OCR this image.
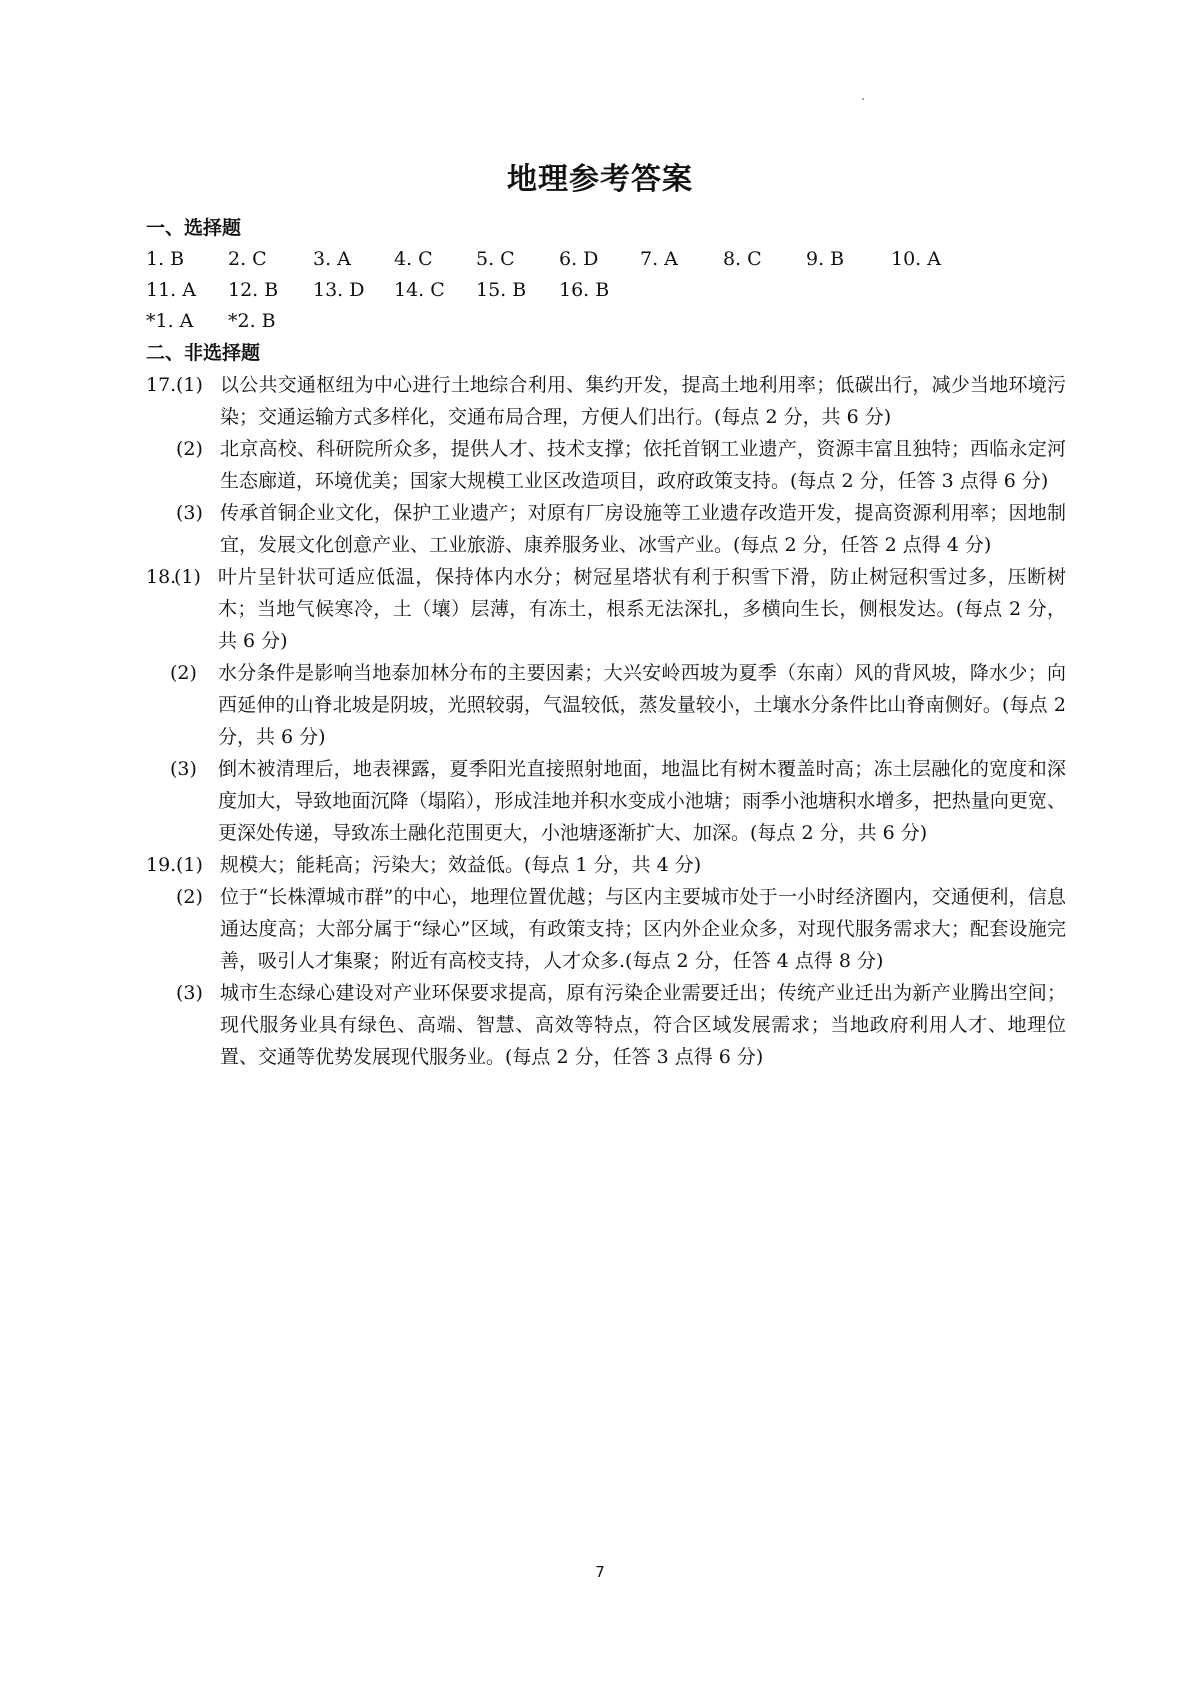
地理参考答案
一、选择题
1. B 2. C 3. A 4. C 5. C 6. D 7. A 8. C 9. B 10. A
11. A 12. B 13. D 14. C 15. B 16. B
*1. A *2. B
二、非选择题
17. (1) 以公共交通枢纽为中心进行土地综合利用、集约开发，提高土地利用率；低碳出行，减少当地环境污染；交通运输方式多样化，交通布局合理，方便人们出行。(每点 2 分，共 6 分)
(2) 北京高校、科研院所众多，提供人才、技术支撑；依托首钢工业遗产，资源丰富且独特；西临永定河生态廊道，环境优美；国家大规模工业区改造项目，政府政策支持。(每点 2 分，任答 3 点得 6 分)
(3) 传承首铜企业文化，保护工业遗产；对原有厂房设施等工业遗存改造开发，提高资源利用率；因地制宜，发展文化创意产业、工业旅游、康养服务业、冰雪产业。(每点 2 分，任答 2 点得 4 分)
18.
(1) 叶片呈针状可适应低温，保持体内水分；树冠星塔状有利于积雪下滑，防止树冠积雪过多，压断树木；当地气候寒冷，土（壤）层薄，有冻土，根系无法深扎，多横向生长，侧根发达。(每点 2 分，共 6 分)
(2) 水分条件是影响当地泰加林分布的主要因素；大兴安岭西坡为夏季（东南）风的背风坡，降水少；向西延伸的山脊北坡是阴坡，光照较弱，气温较低，蒸发量较小，土壤水分条件比山脊南侧好。(每点 2 分，共 6 分)
(3) 倒木被清理后，地表裸露，夏季阳光直接照射地面，地温比有树木覆盖时高；冻土层融化的宽度和深度加大，导致地面沉降（塌陷），形成洼地并积水变成小池塘；雨季小池塘积水增多，把热量向更宽、更深处传递，导致冻土融化范围更大，小池塘逐渐扩大、加深。(每点 2 分，共 6 分)
19. (1) 规模大；能耗高；污染大；效益低。(每点 1 分，共 4 分)
(2) 位于“长株潭城市群”的中心，地理位置优越；与区内主要城市处于一小时经济圈内，交通便利，信息通达度高；大部分属于“绿心”区域，有政策支持；区内外企业众多，对现代服务需求大；配套设施完善，吸引人才集聚；附近有高校支持，人才众多.(每点 2 分，任答 4 点得 8 分)
(3) 城市生态绿心建设对产业环保要求提高，原有污染企业需要迁出；传统产业迁出为新产业腾出空间；现代服务业具有绿色、高端、智慧、高效等特点，符合区域发展需求；当地政府利用人才、地理位置、交通等优势发展现代服务业。(每点 2 分，任答 3 点得 6 分)
7
